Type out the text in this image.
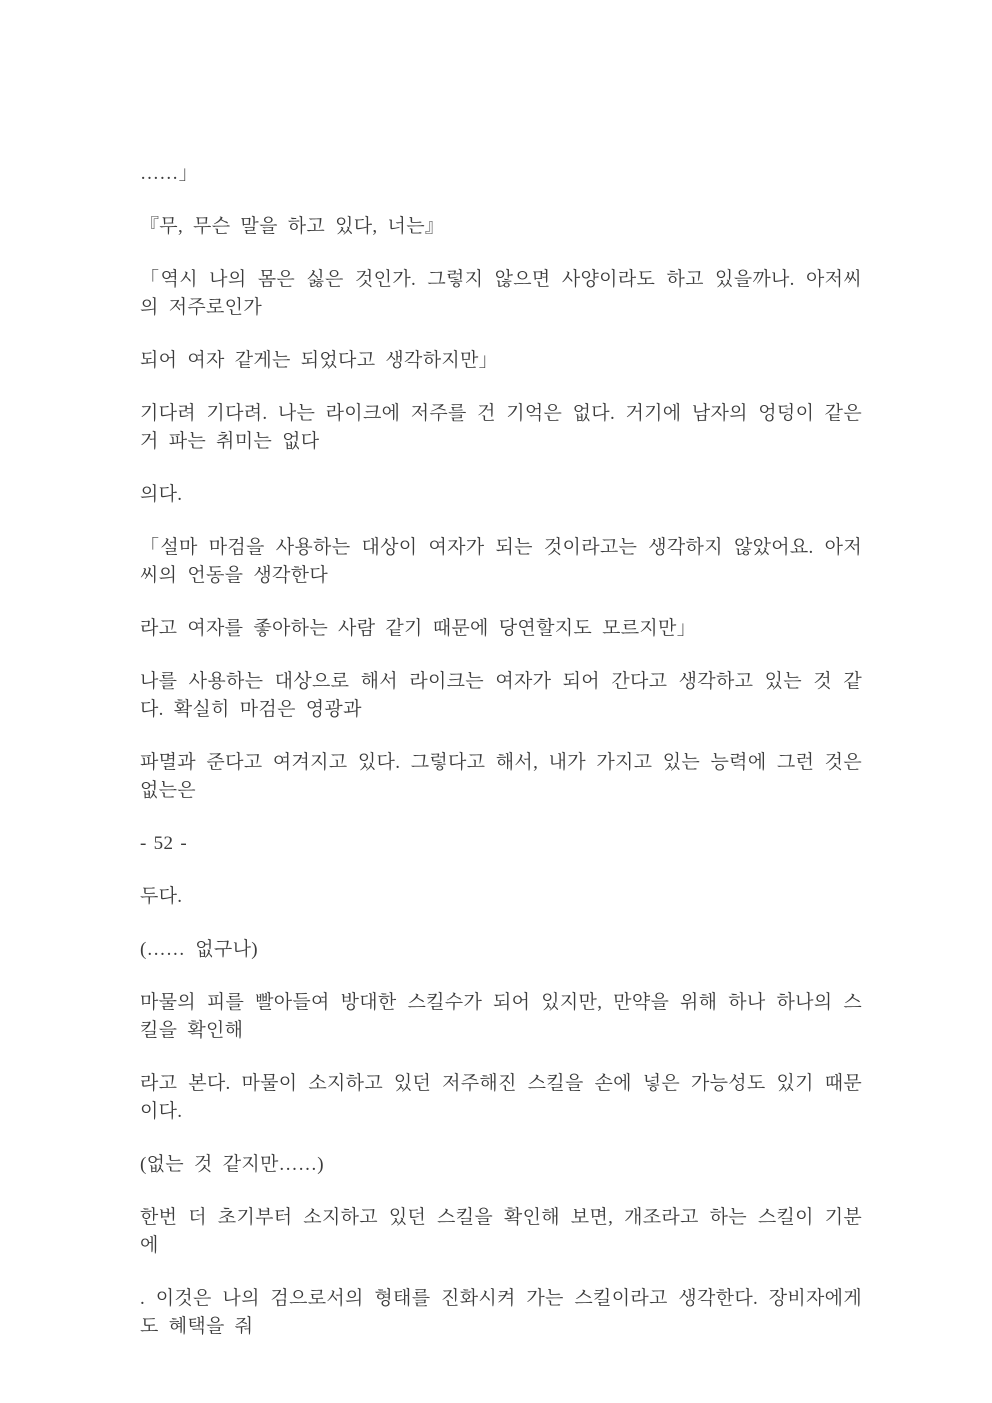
……」

『무, 무슨 말을 하고 있다, 너는』

「역시 나의 몸은 싫은 것인가. 그렇지 않으면 사양이라도 하고 있을까나. 아저씨의 저주로인가

되어 여자 같게는 되었다고 생각하지만」

기다려 기다려. 나는 라이크에 저주를 건 기억은 없다. 거기에 남자의 엉덩이 같은거 파는 취미는 없다

의다.

「설마 마검을 사용하는 대상이 여자가 되는 것이라고는 생각하지 않았어요. 아저씨의 언동을 생각한다

라고 여자를 좋아하는 사람 같기 때문에 당연할지도 모르지만」

나를 사용하는 대상으로 해서 라이크는 여자가 되어 간다고 생각하고 있는 것 같다. 확실히 마검은 영광과

파멸과 준다고 여겨지고 있다. 그렇다고 해서, 내가 가지고 있는 능력에 그런 것은 없는은

- 52 -

두다.

(…… 없구나)

마물의 피를 빨아들여 방대한 스킬수가 되어 있지만, 만약을 위해 하나 하나의 스킬을 확인해

라고 본다. 마물이 소지하고 있던 저주해진 스킬을 손에 넣은 가능성도 있기 때문이다.

(없는 것 같지만……)

한번 더 초기부터 소지하고 있던 스킬을 확인해 보면, 개조라고 하는 스킬이 기분에

. 이것은 나의 검으로서의 형태를 진화시켜 가는 스킬이라고 생각한다. 장비자에게도 혜택을 줘
